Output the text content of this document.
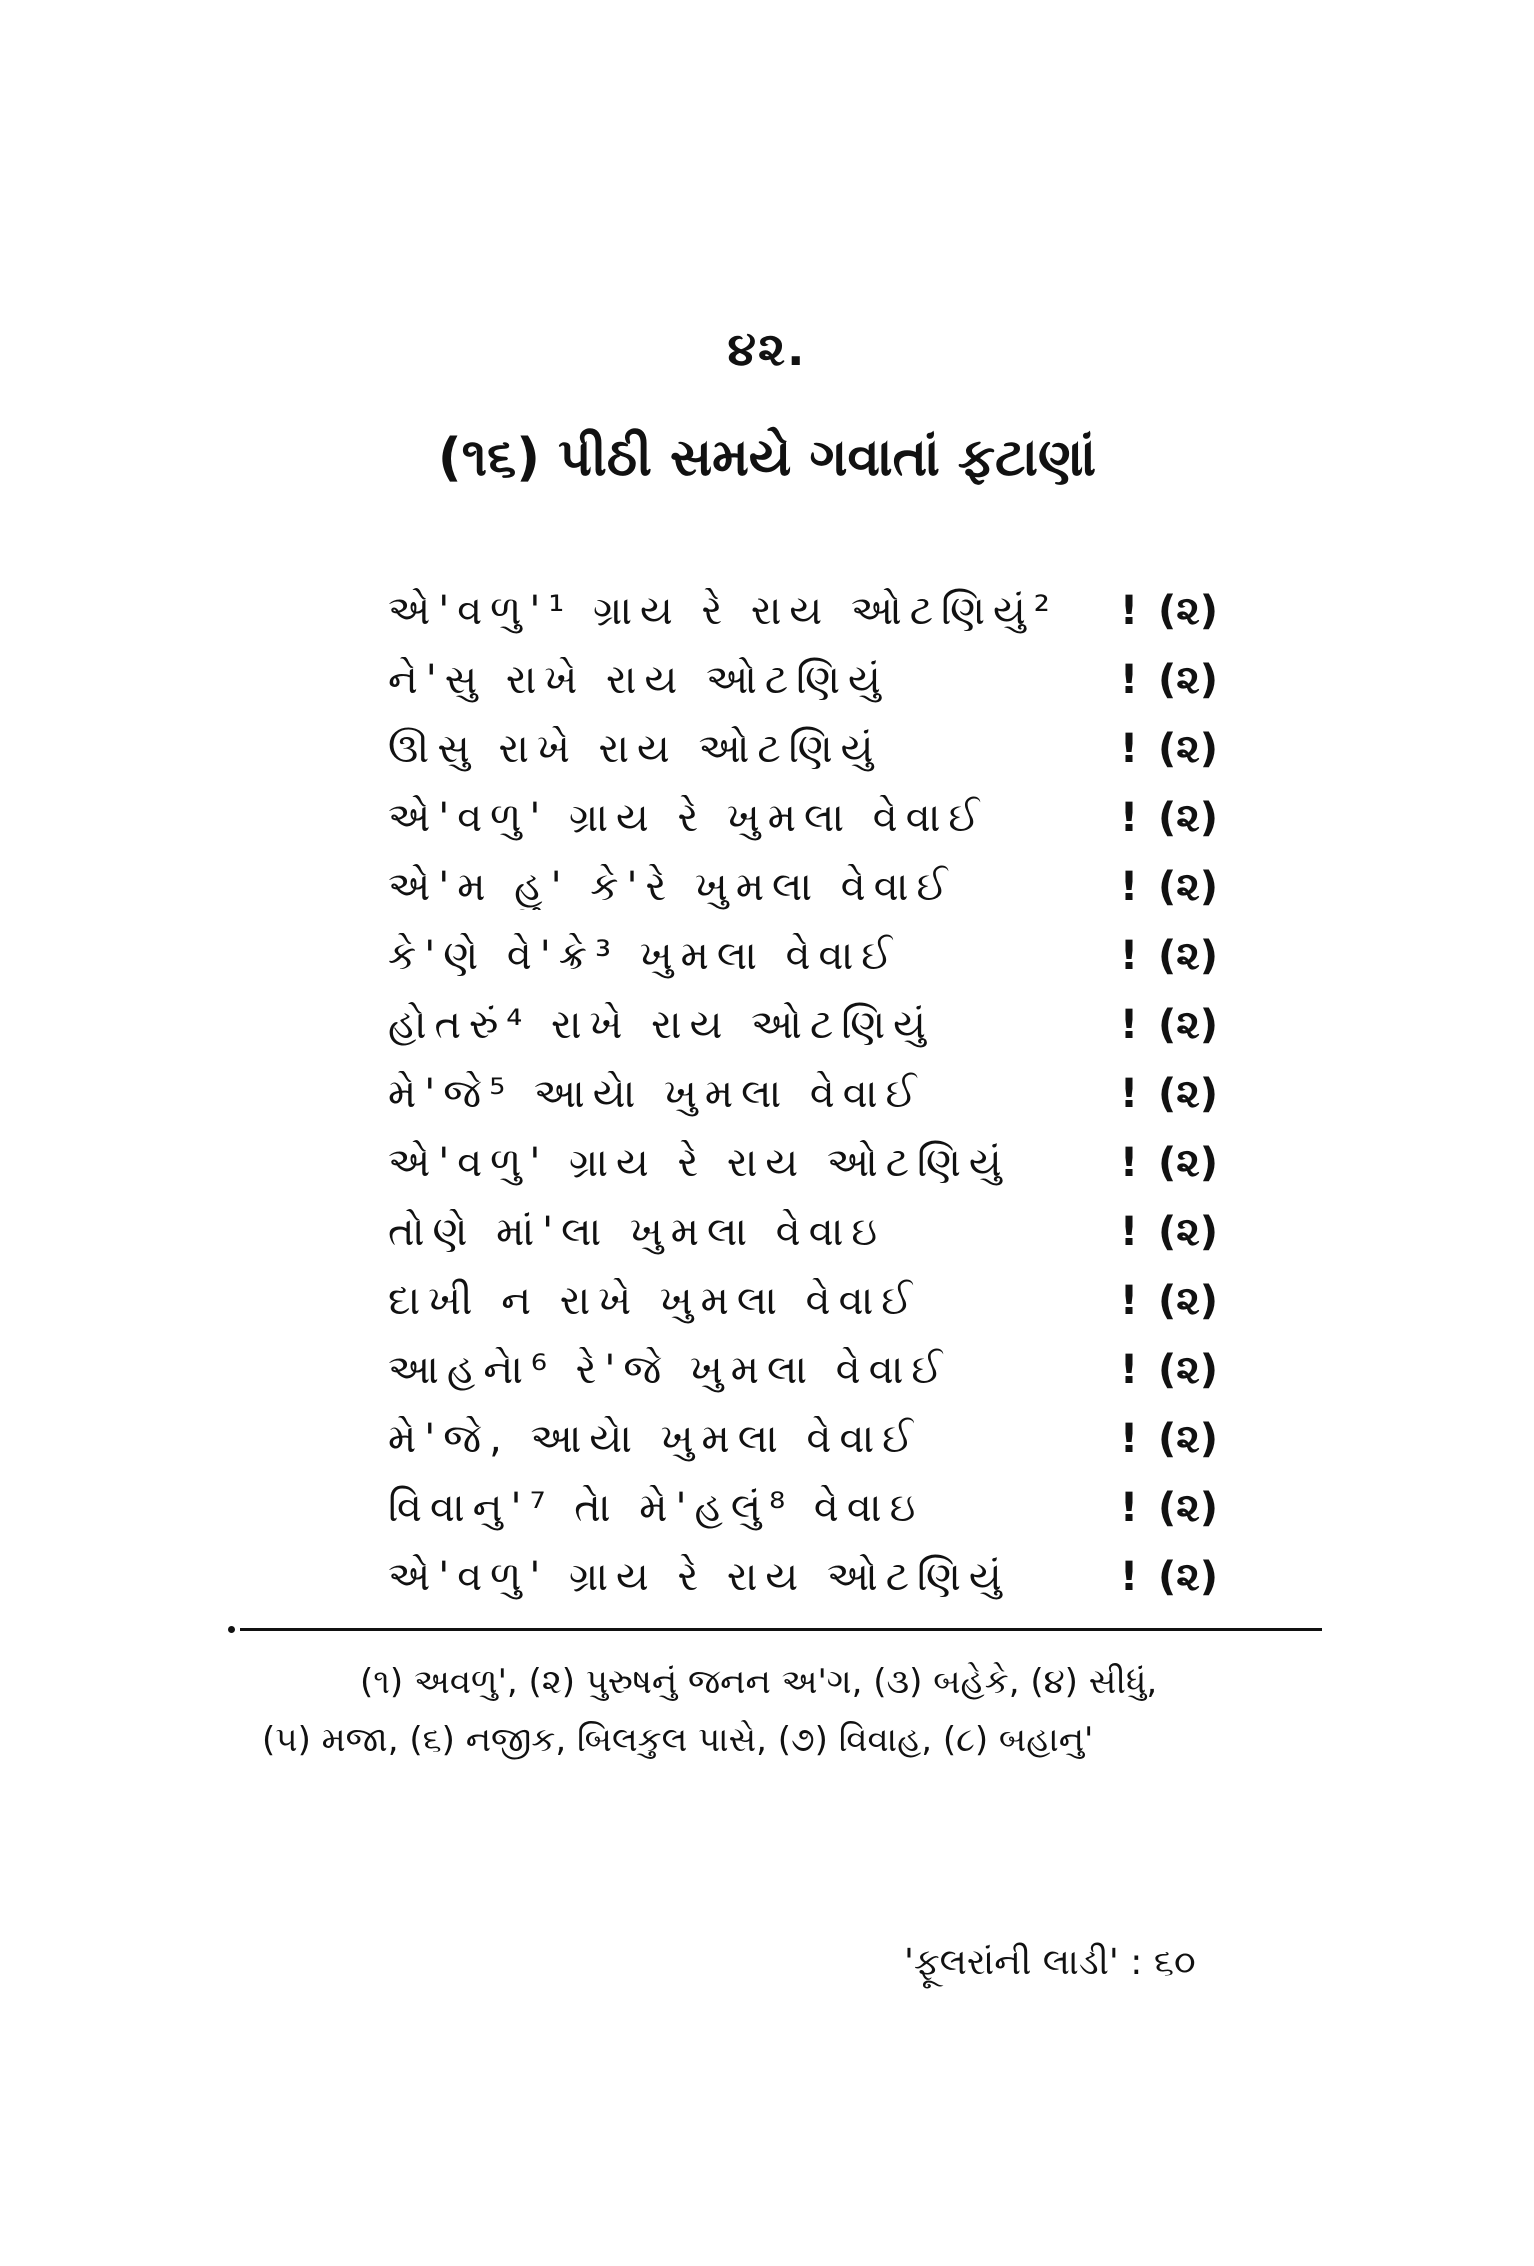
૪૨.
(૧૬) પીઠી સમયે ગવાતાં ફટાણાં
એ'વળુ'¹ ગ્રાય રે રાય ઓટણિયું²	! (૨)
ને'સુ રાખે રાય ઓટણિયું	! (૨)
ઊસુ રાખે રાય ઓટણિયું	! (૨)
એ'વળુ' ગ્રાય રે ખુમલા વેવાઈ	! (૨)
એ'મ હુ' કે'રે ખુમલા વેવાઈ	! (૨)
કે'ણે વે'ક્રે³ ખુમલા વેવાઈ	! (૨)
હોતરું⁴ રાખે રાય ઓટણિયું	! (૨)
મે'જે⁵ આયેા ખુમલા વેવાઈ	! (૨)
એ'વળુ' ગ્રાય રે રાય ઓટણિયું	! (૨)
તોણે માં'લા ખુમલા વેવાઇ	! (૨)
દાખી ન રાખે ખુમલા વેવાઈ	! (૨)
આહનેા⁶ રે'જે ખુમલા વેવાઈ	! (૨)
મે'જે, આયેા ખુમલા વેવાઈ	! (૨)
વિવાનુ'⁷ તેા મે'હલું⁸ વેવાઇ	! (૨)
એ'વળુ' ગ્રાય રે રાય ઓટણિયું	! (૨)
(૧) અવળુ', (૨) પુરુષનું જનન અ'ગ, (૩) બહેકે, (૪) સીધું,
(૫) મજા, (૬) નજીક, બિલકુલ પાસે, (૭) વિવાહ, (૮) બહાનુ'
'ફૂલરાંની લાડી' : ૬૦
